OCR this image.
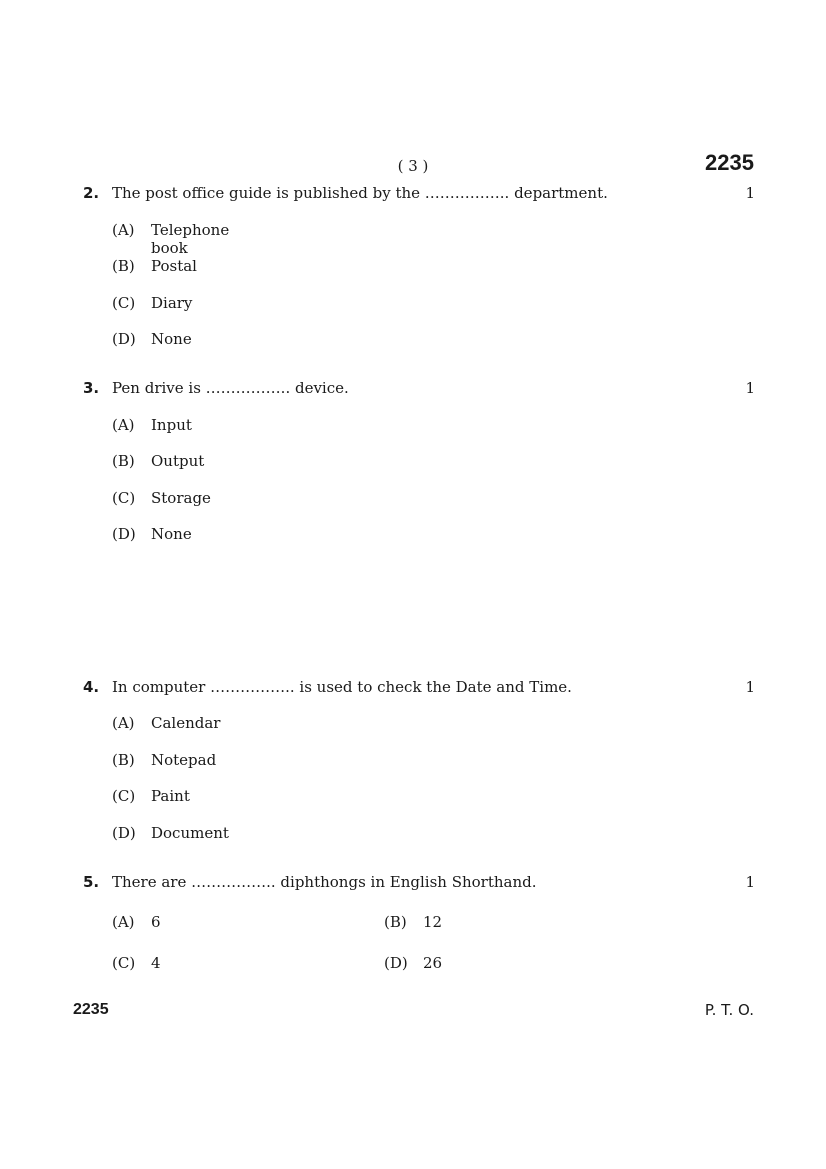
( 3 )	2235
2. The post office guide is published by the …………….. department.	1
(A) Telephone book
(B) Postal
(C) Diary
(D) None
3. Pen drive is …………….. device.	1
(A) Input
(B) Output
(C) Storage
(D) None
4. In computer …………….. is used to check the Date and Time.	1
(A) Calendar
(B) Notepad
(C) Paint
(D) Document
5. There are …………….. diphthongs in English Shorthand.	1
(A) 6	(B) 12
(C) 4	(D) 26
2235	P. T. O.
